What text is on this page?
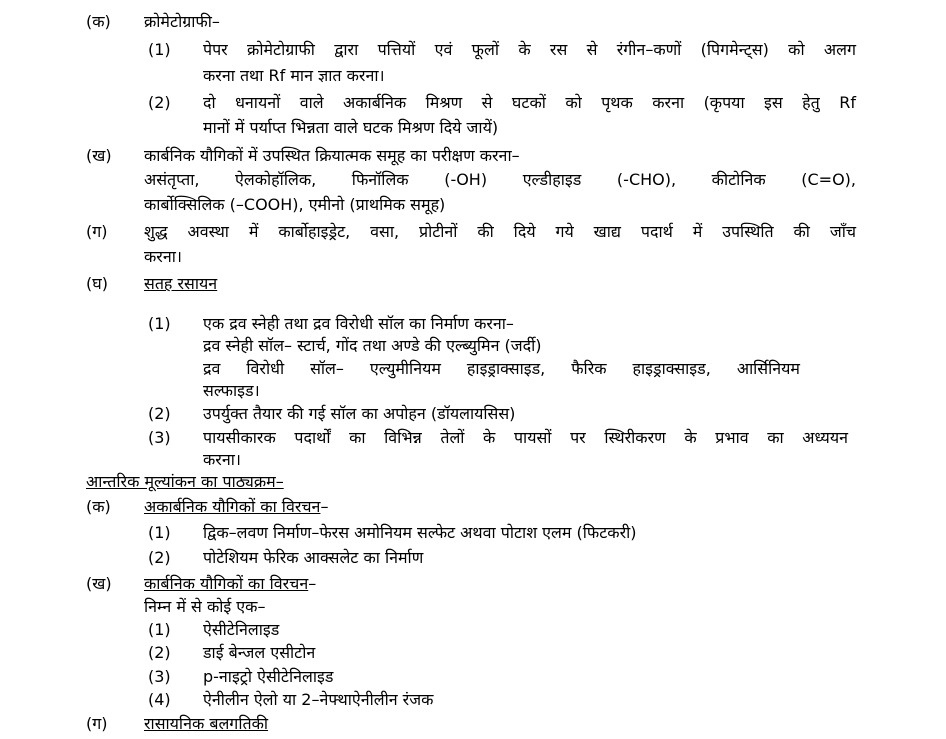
(क) क्रोमेटोग्राफी–
(1) पेपर क्रोमेटोग्राफी द्वारा पत्तियों एवं फूलों के रस से रंगीन–कणों (पिगमेन्ट्स) को अलग
करना तथा Rf मान ज्ञात करना।
(2) दो धनायनों वाले अकार्बनिक मिश्रण से घटकों को पृथक करना (कृपया इस हेतु Rf
मानों में पर्याप्त भिन्नता वाले घटक मिश्रण दिये जायें)
(ख) कार्बनिक यौगिकों में उपस्थित क्रियात्मक समूह का परीक्षण करना–
असंतृप्ता, ऐलकोहॉलिक, फिनॉलिक (-OH) एल्डीहाइड (-CHO), कीटोनिक (C=O),
कार्बोक्सिलिक (–COOH), एमीनो (प्राथमिक समूह)
(ग) शुद्ध अवस्था में कार्बोहाइड्रेट, वसा, प्रोटीनों की दिये गये खाद्य पदार्थ में उपस्थिति की जाँच
करना।
(घ) सतह रसायन
(1) एक द्रव स्नेही तथा द्रव विरोधी सॉल का निर्माण करना–
द्रव स्नेही सॉल– स्टार्च, गोंद तथा अण्डे की एल्ब्युमिन (जर्दी)
द्रव विरोधी सॉल– एल्युमीनियम हाइड्राक्साइड, फैरिक हाइड्राक्साइड, आर्सिनियम
सल्फाइड।
(2) उपर्युक्त तैयार की गई सॉल का अपोहन (डॉयलायसिस)
(3) पायसीकारक पदार्थों का विभिन्न तेलों के पायसों पर स्थिरीकरण के प्रभाव का अध्ययन
करना।
आन्तरिक मूल्यांकन का पाठ्यक्रम–
(क) अकार्बनिक यौगिकों का विरचन–
(1) द्विक–लवण निर्माण–फेरस अमोनियम सल्फेट अथवा पोटाश एलम (फिटकरी)
(2) पोटेशियम फेरिक आक्सलेट का निर्माण
(ख) कार्बनिक यौगिकों का विरचन–
निम्न में से कोई एक–
(1) ऐसीटेनिलाइड
(2) डाई बेन्जल एसीटोन
(3) p-नाइट्रो ऐसीटेनिलाइड
(4) ऐनीलीन ऐलो या 2–नेफ्थाऐनीलीन रंजक
(ग) रासायनिक बलगतिकी
